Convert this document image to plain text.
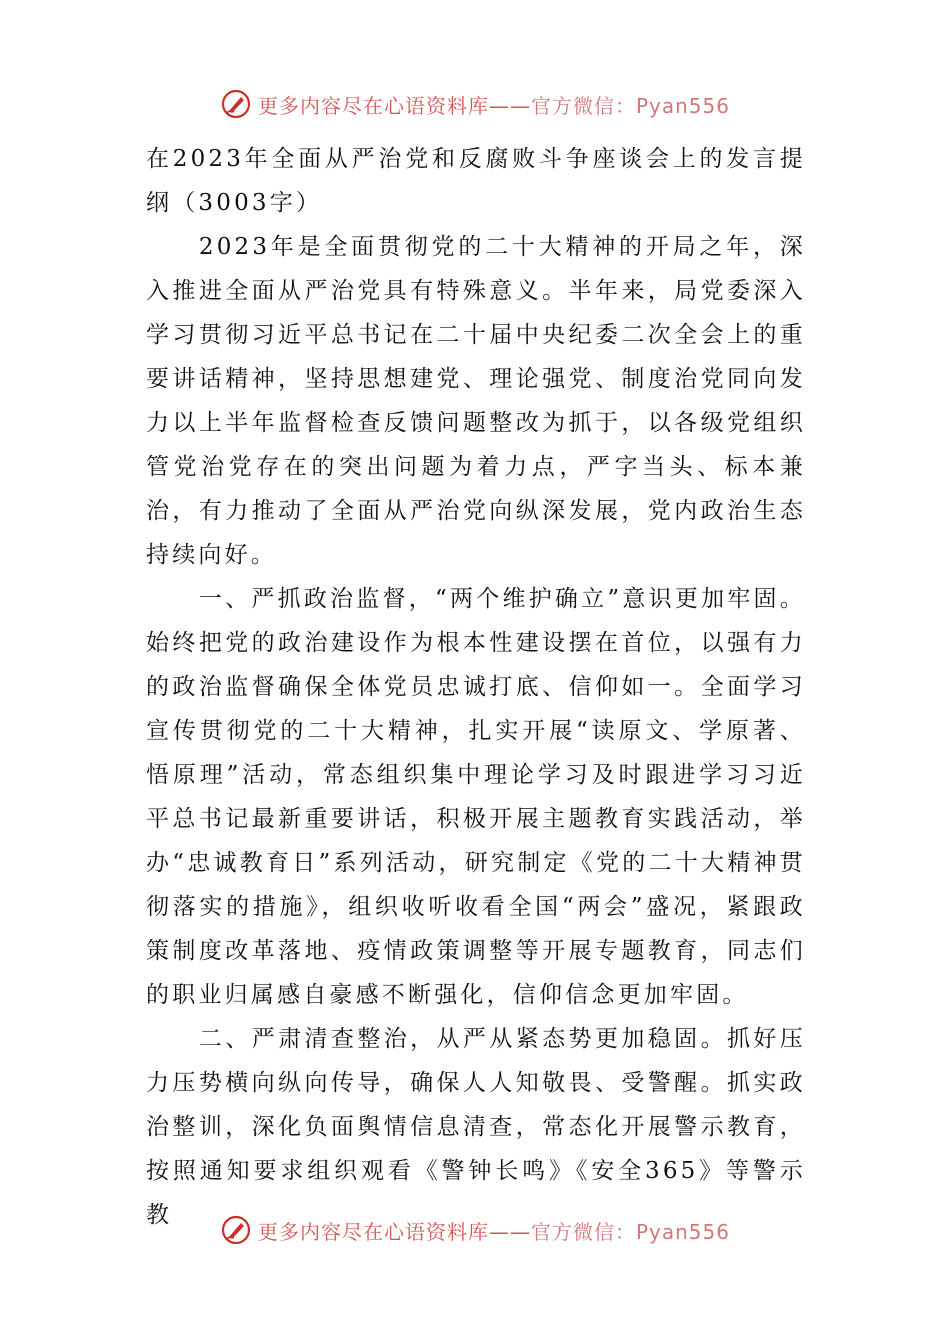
更多内容尽在心语资料库——官方微信：Pyan556

在2023年全面从严治党和反腐败斗争座谈会上的发言提纲（3003字）

2023年是全面贯彻党的二十大精神的开局之年，深入推进全面从严治党具有特殊意义。半年来，局党委深入学习贯彻习近平总书记在二十届中央纪委二次全会上的重要讲话精神，坚持思想建党、理论强党、制度治党同向发力以上半年监督检查反馈问题整改为抓于，以各级党组织管党治党存在的突出问题为着力点，严字当头、标本兼治，有力推动了全面从严治党向纵深发展，党内政治生态持续向好。

一、严抓政治监督，“两个维护确立”意识更加牢固。始终把党的政治建设作为根本性建设摆在首位，以强有力的政治监督确保全体党员忠诚打底、信仰如一。全面学习宣传贯彻党的二十大精神，扎实开展“读原文、学原著、悟原理”活动，常态组织集中理论学习及时跟进学习习近平总书记最新重要讲话，积极开展主题教育实践活动，举办“忠诚教育日”系列活动，研究制定《党的二十大精神贯彻落实的措施》，组织收听收看全国“两会”盛况，紧跟政策制度改革落地、疫情政策调整等开展专题教育，同志们的职业归属感自豪感不断强化，信仰信念更加牢固。

二、严肃清查整治，从严从紧态势更加稳固。抓好压力压势横向纵向传导，确保人人知敬畏、受警醒。抓实政治整训，深化负面舆情信息清查，常态化开展警示教育，按照通知要求组织观看《警钟长鸣》《安全365》等警示教

更多内容尽在心语资料库——官方微信：Pyan556
